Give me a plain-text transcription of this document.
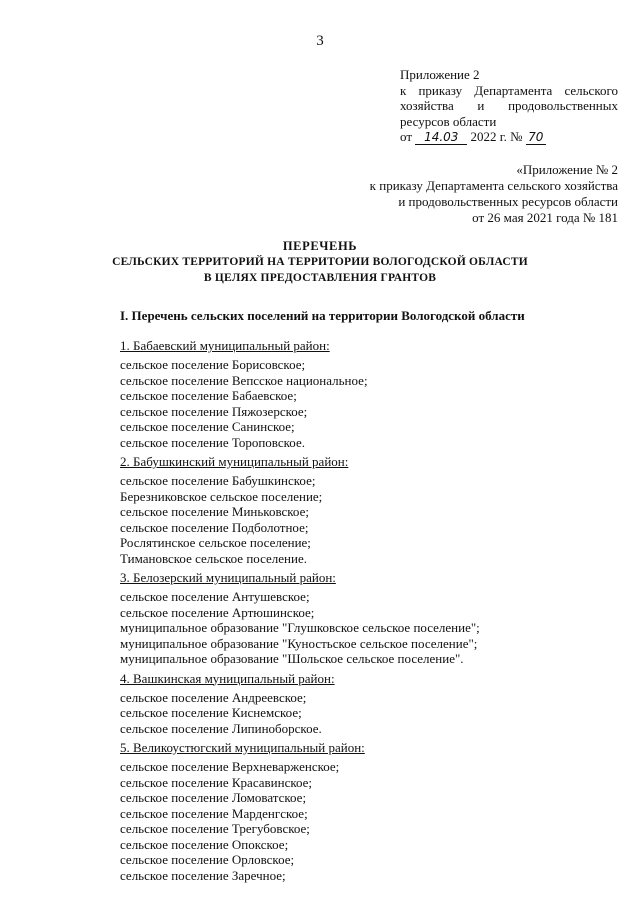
3
Приложение 2
к приказу Департамента сельского
хозяйства и продовольственных
ресурсов области
от 14.03 2022 г. № 70
«Приложение № 2
к приказу Департамента сельского хозяйства
и продовольственных ресурсов области
от 26 мая 2021 года № 181
ПЕРЕЧЕНЬ
СЕЛЬСКИХ ТЕРРИТОРИЙ НА ТЕРРИТОРИИ ВОЛОГОДСКОЙ ОБЛАСТИ
В ЦЕЛЯХ ПРЕДОСТАВЛЕНИЯ ГРАНТОВ
I. Перечень сельских поселений на территории Вологодской области
1. Бабаевский муниципальный район:
сельское поселение Борисовское;
сельское поселение Вепсское национальное;
сельское поселение Бабаевское;
сельское поселение Пяжозерское;
сельское поселение Санинское;
сельское поселение Тороповское.
2. Бабушкинский муниципальный район:
сельское поселение Бабушкинское;
Березниковское сельское поселение;
сельское поселение Миньковское;
сельское поселение Подболотное;
Рослятинское сельское поселение;
Тимановское сельское поселение.
3. Белозерский муниципальный район:
сельское поселение Антушевское;
сельское поселение Артюшинское;
муниципальное образование "Глушковское сельское поселение";
муниципальное образование "Куностьское сельское поселение";
муниципальное образование "Шольское сельское поселение".
4. Вашкинская муниципальный район:
сельское поселение Андреевское;
сельское поселение Киснемское;
сельское поселение Липиноборское.
5. Великоустюгский муниципальный район:
сельское поселение Верхневарженское;
сельское поселение Красавинское;
сельское поселение Ломоватское;
сельское поселение Марденгское;
сельское поселение Трегубовское;
сельское поселение Опокское;
сельское поселение Орловское;
сельское поселение Заречное;
